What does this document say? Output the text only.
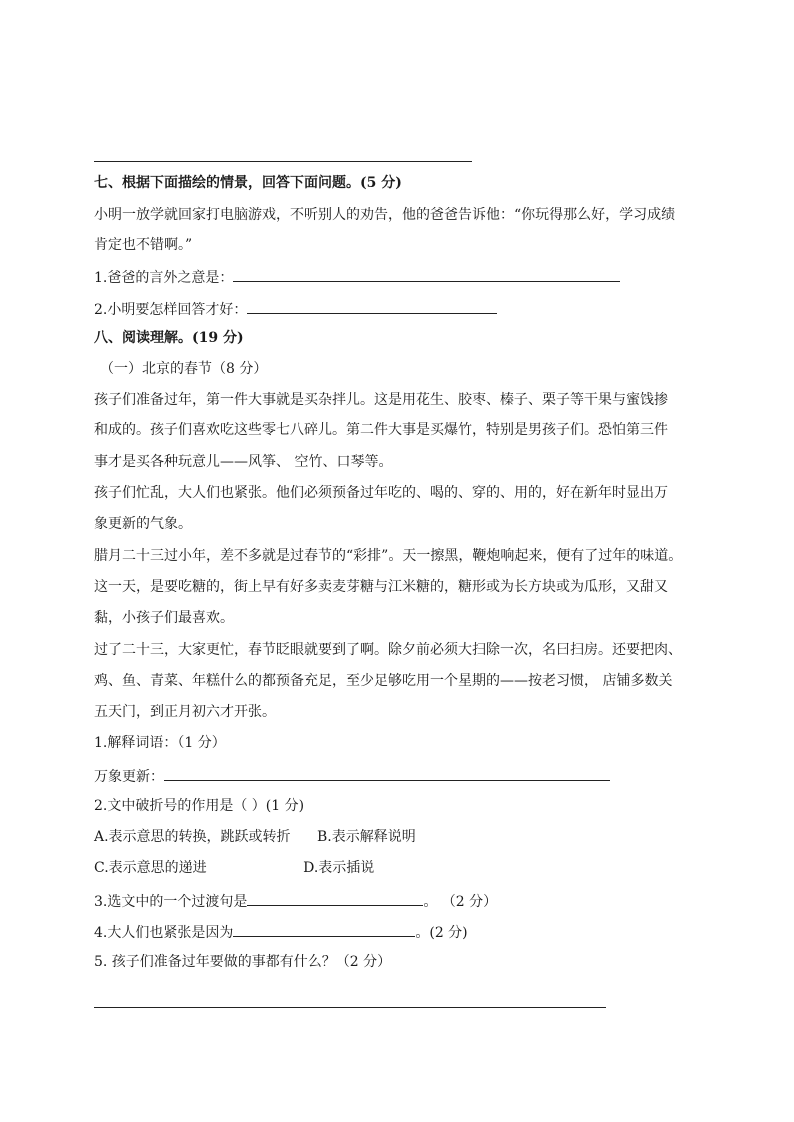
七、根据下面描绘的情景，回答下面问题。(5 分)
小明一放学就回家打电脑游戏，不听别人的劝告，他的爸爸告诉他：“你玩得那么好，学习成绩
肯定也不错啊。”
1.爸爸的言外之意是：
2.小明要怎样回答才好：
八、阅读理解。(19 分)
（一）北京的春节（8 分）
孩子们准备过年，第一件大事就是买杂拌儿。这是用花生、胶枣、榛子、栗子等干果与蜜饯掺
和成的。孩子们喜欢吃这些零七八碎儿。第二件大事是买爆竹，特别是男孩子们。恐怕第三件
事才是买各种玩意儿——风筝、 空竹、口琴等。
孩子们忙乱，大人们也紧张。他们必须预备过年吃的、喝的、穿的、用的，好在新年时显出万
象更新的气象。
腊月二十三过小年，差不多就是过春节的“彩排”。天一擦黑，鞭炮响起来，便有了过年的味道。
这一天，是要吃糖的，街上早有好多卖麦芽糖与江米糖的，糖形或为长方块或为瓜形，又甜又
黏，小孩子们最喜欢。
过了二十三，大家更忙，春节眨眼就要到了啊。除夕前必须大扫除一次，名曰扫房。还要把肉、
鸡、鱼、青菜、年糕什么的都预备充足，至少足够吃用一个星期的——按老习惯， 店铺多数关
五天门，到正月初六才开张。
1.解释词语：（1 分）
万象更新：
2.文中破折号的作用是（ ）(1 分)
A.表示意思的转换，跳跃或转折 B.表示解释说明
C.表示意思的递进	D.表示插说
3.选文中的一个过渡句是	。 （2 分）
4.大人们也紧张是因为	。(2 分)
5. 孩子们准备过年要做的事都有什么？（2 分）
